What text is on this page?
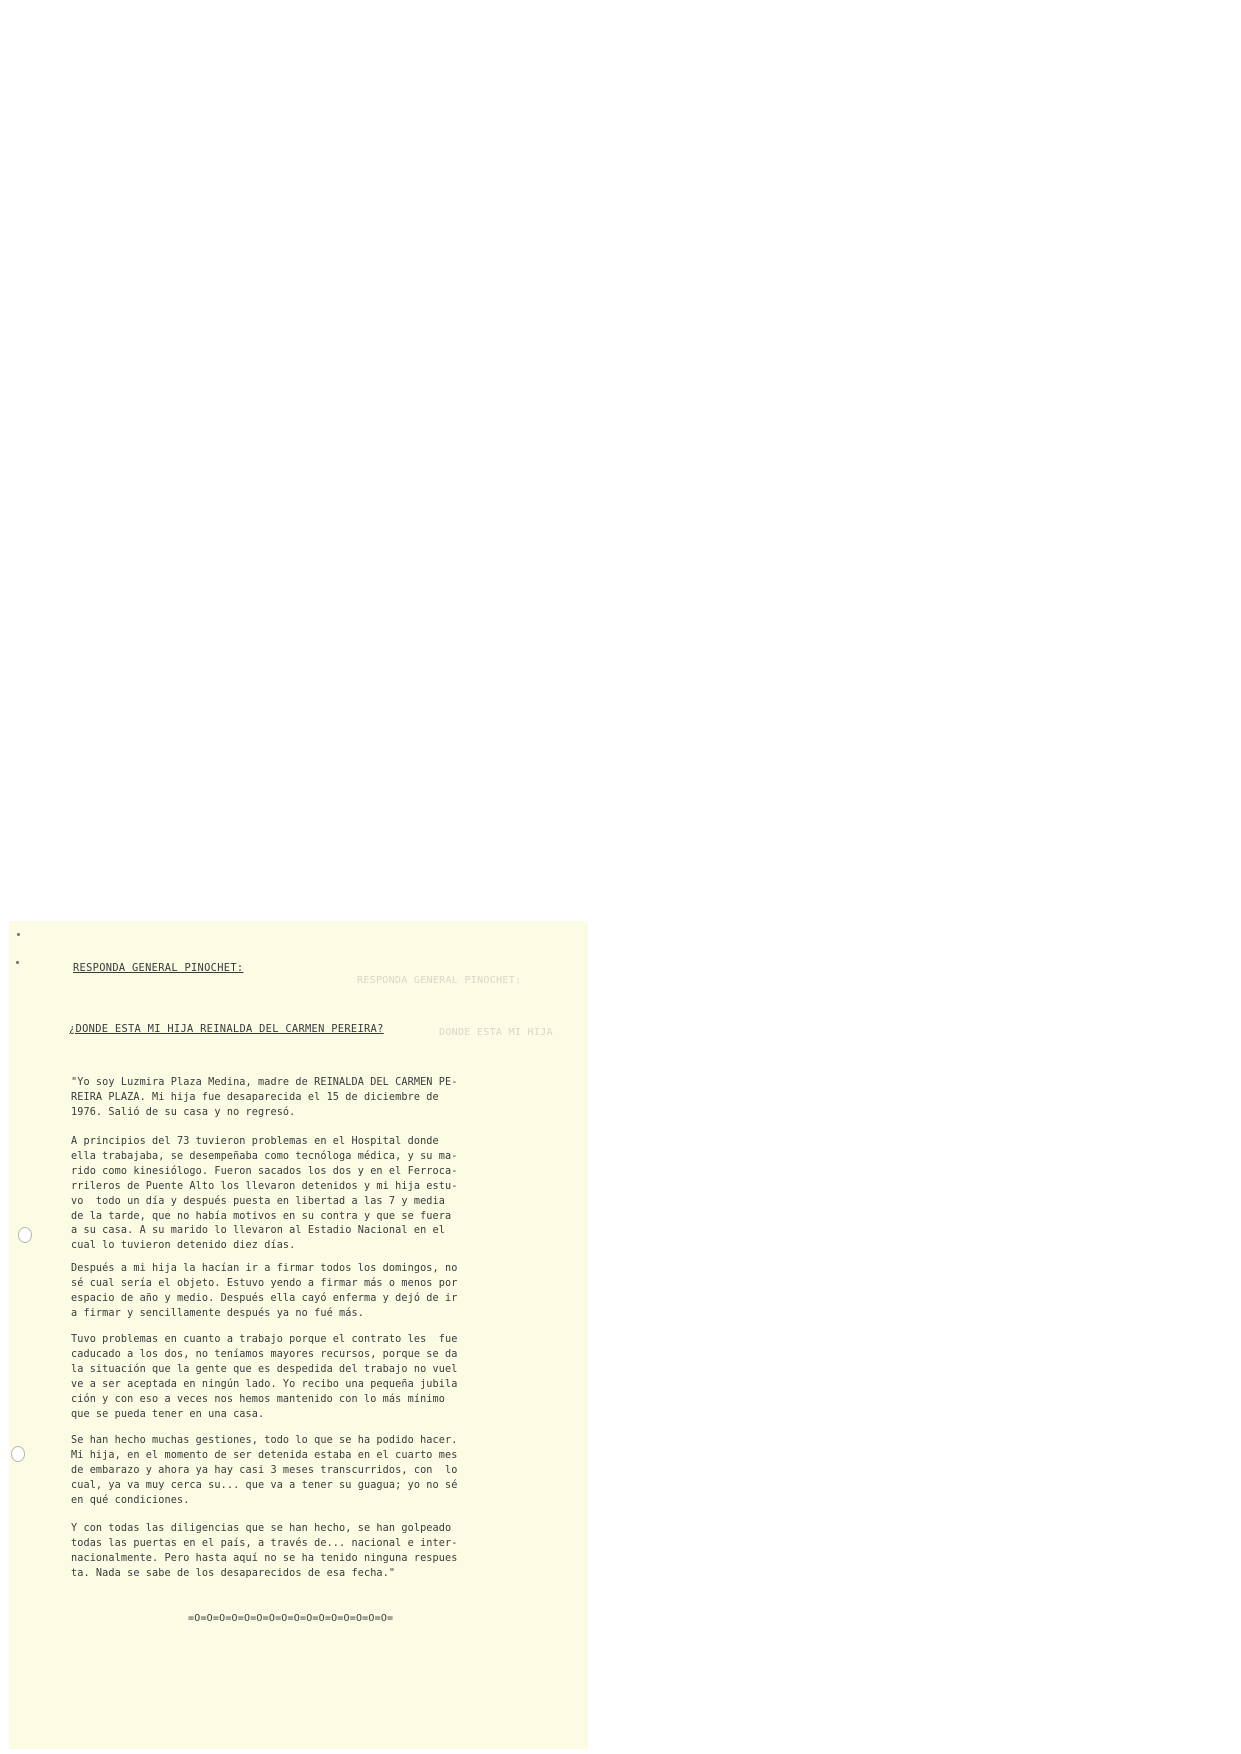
RESPONDA GENERAL PINOCHET:
DONDE ESTA MI HIJA
RESPONDA GENERAL PINOCHET:
¿DONDE ESTA MI HIJA REINALDA DEL CARMEN PEREIRA?
"Yo soy Luzmira Plaza Medina, madre de REINALDA DEL CARMEN PE-
REIRA PLAZA. Mi hija fue desaparecida el 15 de diciembre de
1976. Salió de su casa y no regresó.
A principios del 73 tuvieron problemas en el Hospital donde
ella trabajaba, se desempeñaba como tecnóloga médica, y su ma-
rido como kinesiólogo. Fueron sacados los dos y en el Ferroca-
rrileros de Puente Alto los llevaron detenidos y mi hija estu-
vo  todo un día y después puesta en libertad a las 7 y media
de la tarde, que no había motivos en su contra y que se fuera
a su casa. A su marido lo llevaron al Estadio Nacional en el
cual lo tuvieron detenido diez días.
Después a mi hija la hacían ir a firmar todos los domingos, no
sé cual sería el objeto. Estuvo yendo a firmar más o menos por
espacio de año y medio. Después ella cayó enferma y dejó de ir
a firmar y sencillamente después ya no fué más.
Tuvo problemas en cuanto a trabajo porque el contrato les  fue
caducado a los dos, no teníamos mayores recursos, porque se da
la situación que la gente que es despedida del trabajo no vuel
ve a ser aceptada en ningún lado. Yo recibo una pequeña jubila
ción y con eso a veces nos hemos mantenido con lo más mínimo
que se pueda tener en una casa.
Se han hecho muchas gestiones, todo lo que se ha podido hacer.
Mi hija, en el momento de ser detenida estaba en el cuarto mes
de embarazo y ahora ya hay casi 3 meses transcurridos, con  lo
cual, ya va muy cerca su... que va a tener su guagua; yo no sé
en qué condiciones.
Y con todas las diligencias que se han hecho, se han golpeado
todas las puertas en el país, a través de... nacional e inter-
nacionalmente. Pero hasta aquí no se ha tenido ninguna respues
ta. Nada se sabe de los desaparecidos de esa fecha."
=O=O=O=O=O=O=O=O=O=O=O=O=O=O=O=O=
